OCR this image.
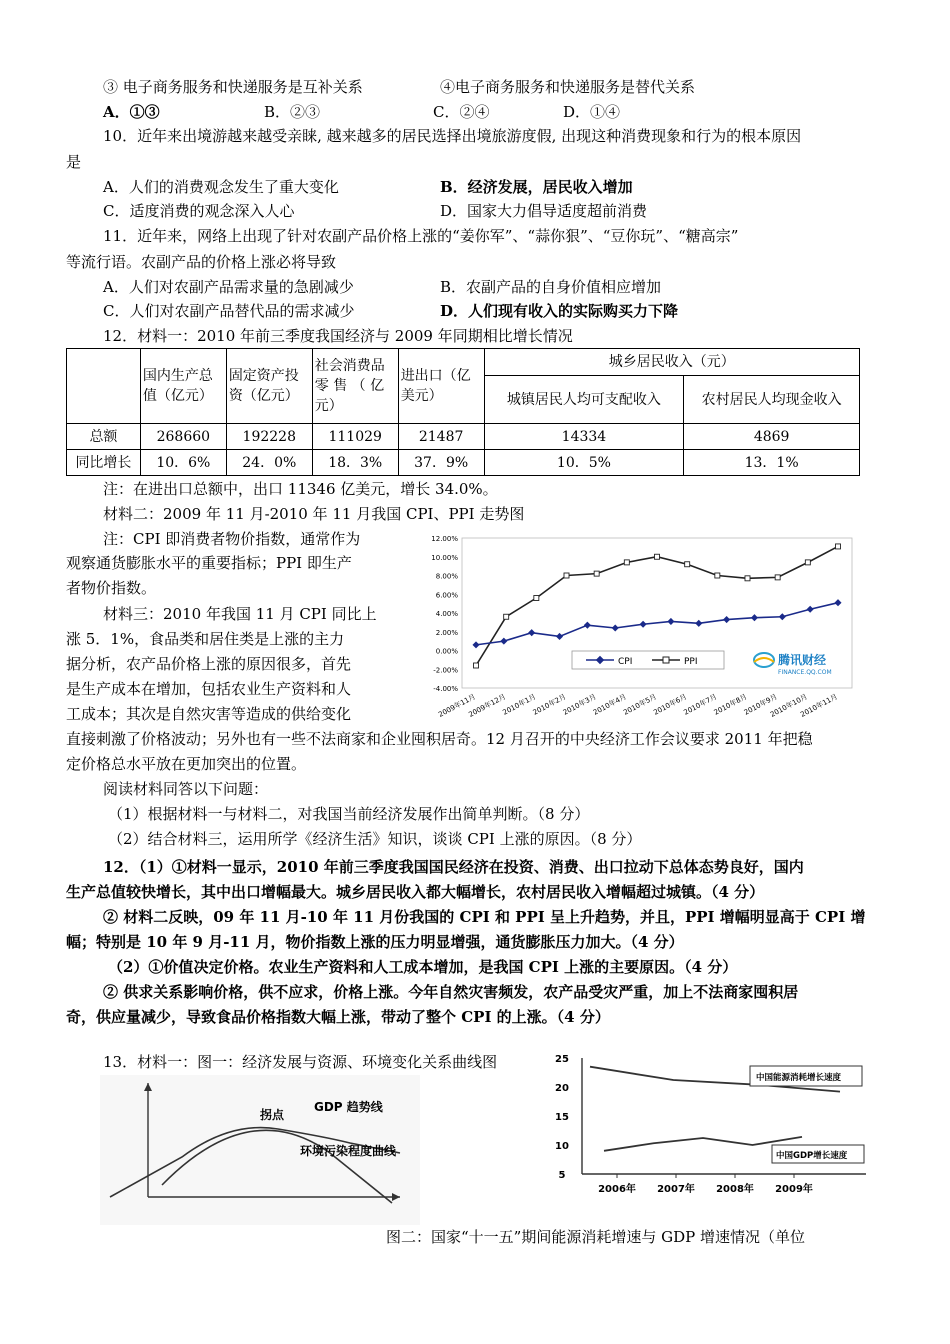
③ 电子商务服务和快递服务是互补关系	④电子商务服务和快递服务是替代关系
A．①③	B．②③	C．②④	D．①④
10．近年来出境游越来越受亲睐, 越来越多的居民选择出境旅游度假, 出现这种消费现象和行为的根本原因
是
A．人们的消费观念发生了重大变化	B．经济发展，居民收入增加
C．适度消费的观念深入人心	D．国家大力倡导适度超前消费
11．近年来，网络上出现了针对农副产品价格上涨的“姜你军”、“蒜你狠”、“豆你玩”、“糖高宗”
等流行语。农副产品的价格上涨必将导致
A．人们对农副产品需求量的急剧减少	B．农副产品的自身价值相应增加
C．人们对农副产品替代品的需求减少	D．人们现有收入的实际购买力下降
12．材料一：2010 年前三季度我国经济与 2009 年同期相比增长情况
	国内生产总值（亿元）	固定资产投资（亿元）	社会消费品零 售 （ 亿元）	进出口（亿美元）	城乡居民收入（元）	
					城镇居民人均可支配收入	农村居民人均现金收入
总额	268660	192228	111029	21487	14334	4869
同比增长	10．6%	24．0%	18．3%	37．9%	10．5%	13．1%
注：在进出口总额中，出口 11346 亿美元，增长 34.0%。
材料二：2009 年 11 月-2010 年 11 月我国 CPI、PPI 走势图
注：CPI 即消费者物价指数，通常作为
观察通货膨胀水平的重要指标；PPI 即生产
者物价指数。
材料三：2010 年我国 11 月 CPI 同比上
涨 5．1%，食品类和居住类是上涨的主力
据分析，农产品价格上涨的原因很多，首先
是生产成本在增加，包括农业生产资料和人
工成本；其次是自然灾害等造成的供给变化
直接刺激了价格波动；另外也有一些不法商家和企业囤积居奇。12 月召开的中央经济工作会议要求 2011 年把稳
定价格总水平放在更加突出的位置。
阅读材料同答以下问题：
（1）根据材料一与材料二，对我国当前经济发展作出简单判断。（8 分）
（2）结合材料三，运用所学《经济生活》知识，谈谈 CPI 上涨的原因。（8 分）
12.00%
10.00%
8.00%
6.00%
4.00%
2.00%
0.00%
-2.00%
-4.00%
2009年11月
2009年12月
2010年1月
2010年2月
2010年3月
2010年4月
2010年5月
2010年6月
2010年7月
2010年8月
2010年9月
2010年10月
2010年11月
CPI	PPI	腾讯财经
FINANCE.QQ.COM
12．（1）①材料一显示，2010 年前三季度我国国民经济在投资、消费、出口拉动下总体态势良好，国内
生产总值较快增长，其中出口增幅最大。城乡居民收入都大幅增长，农村居民收入增幅超过城镇。（4 分）
② 材料二反映，09 年 11 月-10 年 11 月份我国的 CPI 和 PPI 呈上升趋势，并且，PPI 增幅明显高于 CPI 增
幅；特别是 10 年 9 月-11 月，物价指数上涨的压力明显增强，通货膨胀压力加大。（4 分）
（2）①价值决定价格。农业生产资料和人工成本增加，是我国 CPI 上涨的主要原因。（4 分）
② 供求关系影响价格，供不应求，价格上涨。今年自然灾害频发，农产品受灾严重，加上不法商家囤积居
奇，供应量减少，导致食品价格指数大幅上涨，带动了整个 CPI 的上涨。（4 分）
13．材料一：图一：经济发展与资源、环境变化关系曲线图
GDP 趋势线
拐点
环境污染程度曲线
25
20
15
10
5
2006年 2007年 2008年 2009年
中国能源消耗增长速度
中国GDP增长速度
图二：国家“十一五”期间能源消耗增速与 GDP 增速情况（单位
